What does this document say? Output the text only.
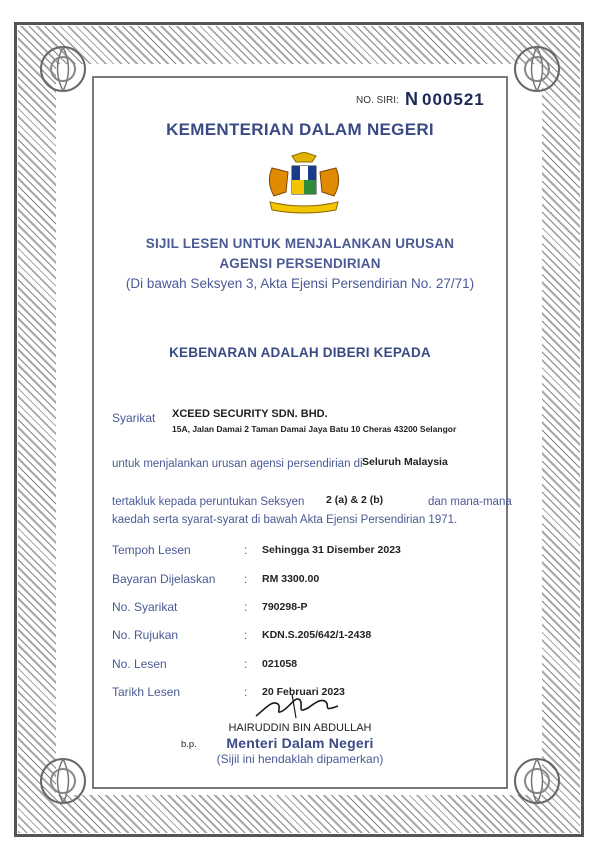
NO. SIRI: N 000521
KEMENTERIAN DALAM NEGERI
SIJIL LESEN UNTUK MENJALANKAN URUSAN
AGENSI PERSENDIRIAN
(Di bawah Seksyen 3, Akta Ejensi Persendirian No. 27/71)
KEBENARAN ADALAH DIBERI KEPADA
Syarikat XCEED SECURITY SDN. BHD.
15A, Jalan Damai 2 Taman Damai Jaya Batu 10 Cheras 43200 Selangor
untuk menjalankan urusan agensi persendirian di Seluruh Malaysia
tertakluk kepada peruntukan Seksyen 2 (a) & 2 (b)	dan mana-mana
kaedah serta syarat-syarat di bawah Akta Ejensi Persendirian 1971.
Tempoh Lesen	: Sehingga 31 Disember 2023
Bayaran Dijelaskan : RM 3300.00
No. Syarikat	: 790298-P
No. Rujukan	: KDN.S.205/642/1-2438
No. Lesen	: 021058
Tarikh Lesen	: 20 Februari 2023
HAIRUDDIN BIN ABDULLAH
b.p.	Menteri Dalam Negeri
(Sijil ini hendaklah dipamerkan)
